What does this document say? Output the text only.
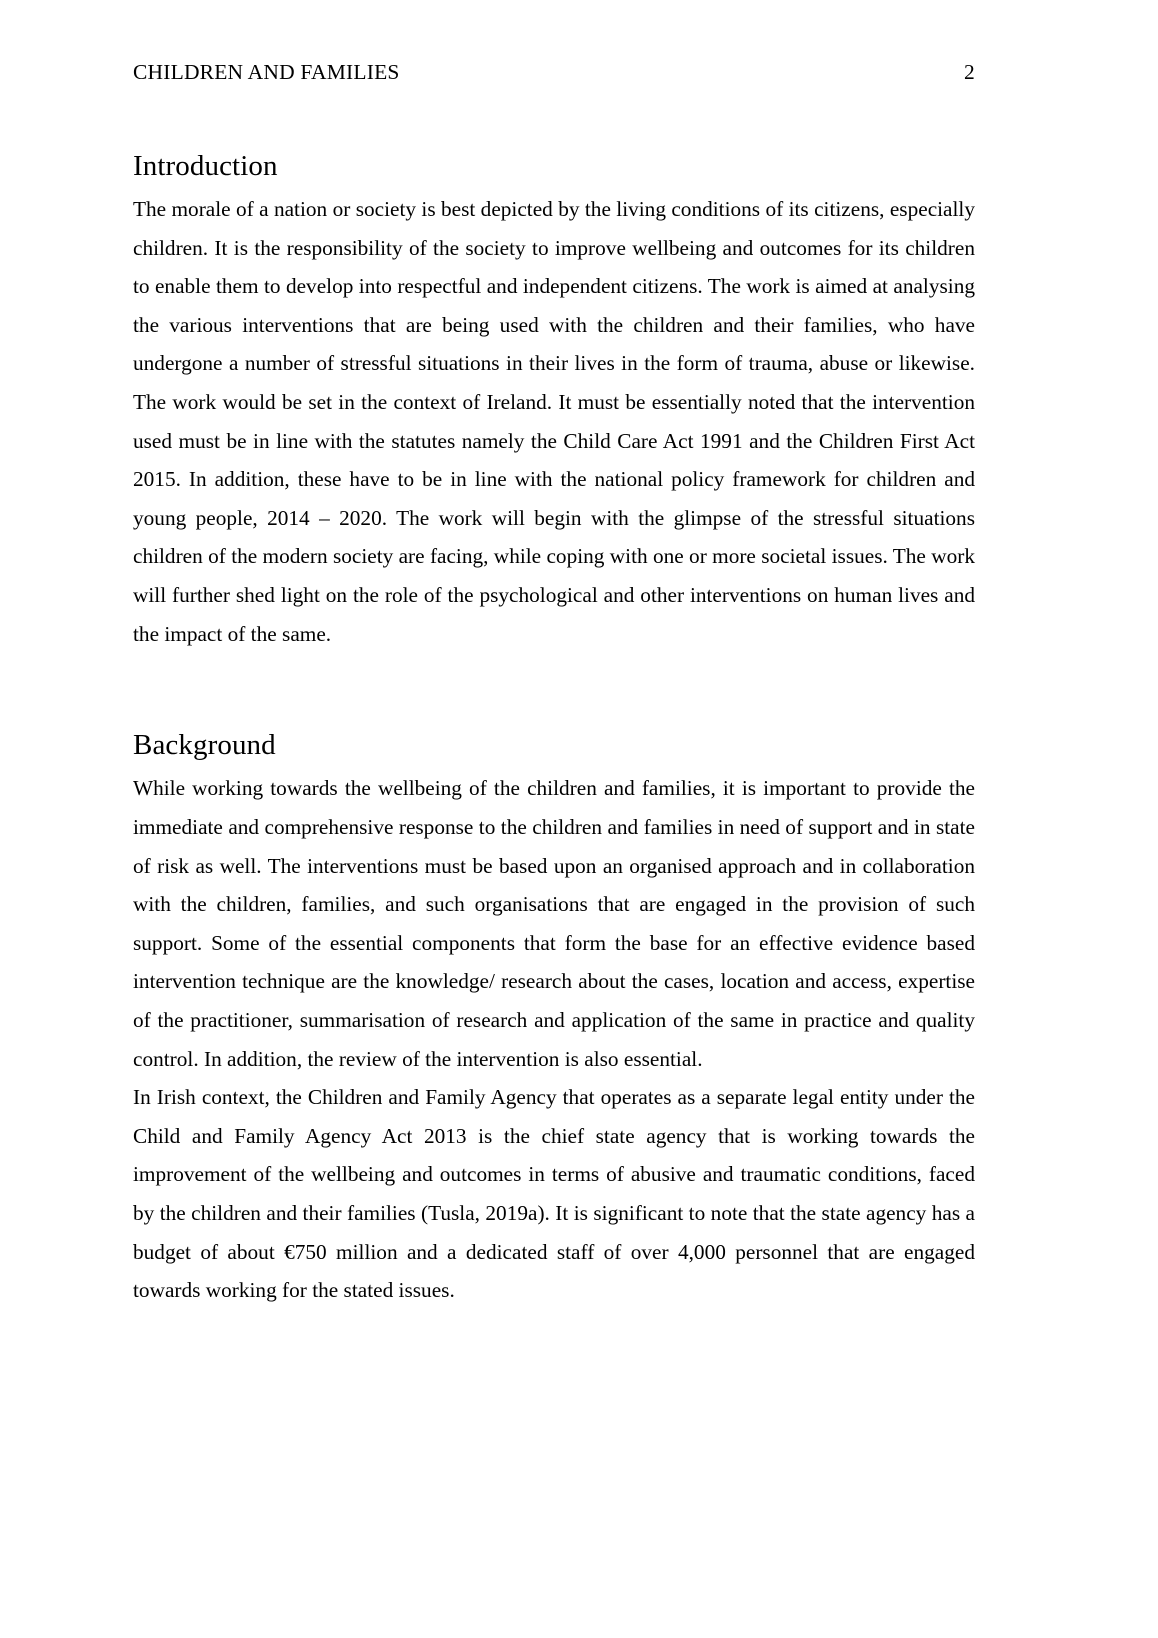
CHILDREN AND FAMILIES	2
Introduction

The morale of a nation or society is best depicted by the living conditions of its citizens, especially children. It is the responsibility of the society to improve wellbeing and outcomes for its children to enable them to develop into respectful and independent citizens. The work is aimed at analysing the various interventions that are being used with the children and their families, who have undergone a number of stressful situations in their lives in the form of trauma, abuse or likewise. The work would be set in the context of Ireland. It must be essentially noted that the intervention used must be in line with the statutes namely the Child Care Act 1991 and the Children First Act 2015. In addition, these have to be in line with the national policy framework for children and young people, 2014 – 2020. The work will begin with the glimpse of the stressful situations children of the modern society are facing, while coping with one or more societal issues. The work will further shed light on the role of the psychological and other interventions on human lives and the impact of the same.

Background

While working towards the wellbeing of the children and families, it is important to provide the immediate and comprehensive response to the children and families in need of support and in state of risk as well. The interventions must be based upon an organised approach and in collaboration with the children, families, and such organisations that are engaged in the provision of such support. Some of the essential components that form the base for an effective evidence based intervention technique are the knowledge/ research about the cases, location and access, expertise of the practitioner, summarisation of research and application of the same in practice and quality control. In addition, the review of the intervention is also essential.

In Irish context, the Children and Family Agency that operates as a separate legal entity under the Child and Family Agency Act 2013 is the chief state agency that is working towards the improvement of the wellbeing and outcomes in terms of abusive and traumatic conditions, faced by the children and their families (Tusla, 2019a). It is significant to note that the state agency has a budget of about €750 million and a dedicated staff of over 4,000 personnel that are engaged towards working for the stated issues.
